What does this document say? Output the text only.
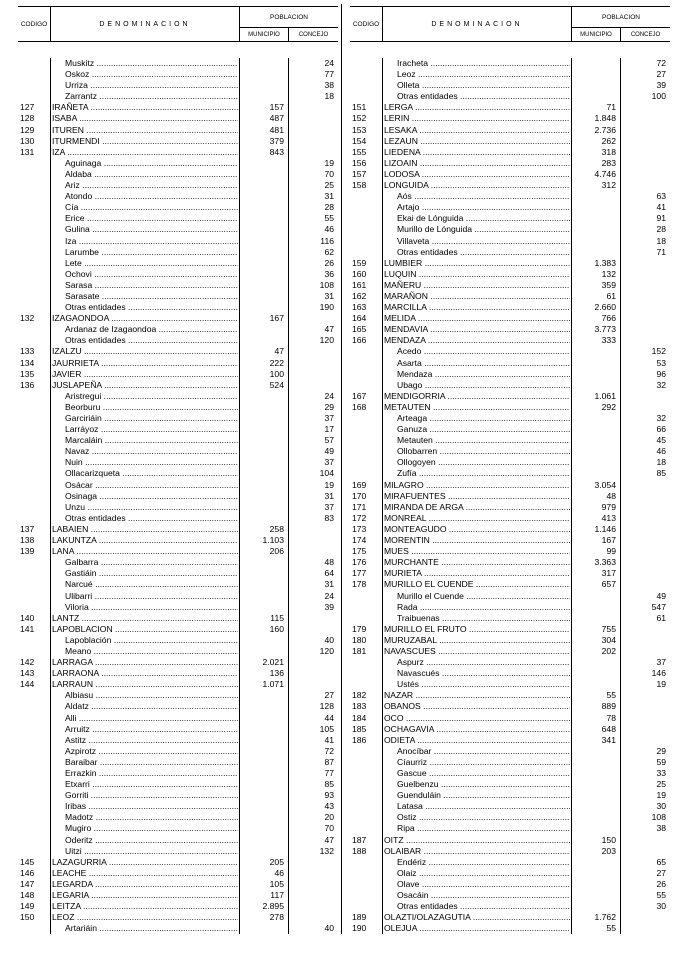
CODIGO	DENOMINACION
POBLACION
MUNICIPIO	CONCEJO
Muskitz .....	24
Oskoz .....	77
Urriza .....	38
Zarrantz .....	18
127	IRAÑETA .....	157
128	ISABA .....	487
129	ITUREN .....	481
130	ITURMENDI .....	379
131	IZA .....	843
Aguinaga .....	19
Aldaba .....	70
Ariz .....	25
Atondo .....	31
Cía .....	28
Erice .....	55
Gulina .....	46
Iza .....	116
Larumbe .....	62
Lete .....	26
Ochovi .....	36
Sarasa .....	108
Sarasate .....	31
Otras entidades .....	190
132	IZAGAONDOA .....	167
Ardanaz de Izagaondoa .....	47
Otras entidades .....	120
133	IZALZU .....	47
134	JAURRIETA .....	222
135	JAVIER .....	100
136	JUSLAPEÑA .....	524
Aristregui .....	24
Beorburu .....	29
Garciriáin .....	37
Larráyoz .....	17
Marcaláin .....	57
Navaz .....	49
Nuin .....	37
Ollacarizqueta .....	104
Osácar .....	19
Osinaga .....	31
Unzu .....	37
Otras entidades .....	83
137	LABAIEN .....	258
138	LAKUNTZA .....	1.103
139	LANA .....	206
Galbarra .....	48
Gastiáin .....	64
Narcué .....	31
Ulibarri .....	24
Viloria .....	39
140	LANTZ .....	115
141	LAPOBLACION .....	160
Lapoblación .....	40
Meano .....	120
142	LARRAGA .....	2.021
143	LARRAONA .....	136
144	LARRAUN .....	1.071
Albiasu .....	27
Aldatz .....	128
Alli .....	44
Arruitz .....	105
Astitz .....	41
Azpirotz .....	72
Baraibar .....	87
Errazkin .....	77
Etxarri .....	85
Gorriti .....	93
Iribas .....	43
Madotz .....	20
Mugiro .....	70
Oderitz .....	47
Uitzi .....	132
145	LAZAGURRIA .....	205
146	LEACHE .....	46
147	LEGARDA .....	105
148	LEGARIA .....	117
149	LEITZA .....	2.895
150	LEOZ .....	278
Artariáin .....	40
CODIGO	DENOMINACION
POBLACION
MUNICIPIO	CONCEJO
Iracheta .....	72
Leoz .....	27
Olleta .....	39
Otras entidades .....	100
151	LERGA .....	71
152	LERIN .....	1.848
153	LESAKA .....	2.736
154	LEZAUN .....	262
155	LIEDENA .....	318
156	LIZOAIN .....	283
157	LODOSA .....	4.746
158	LONGUIDA .....	312
Aós .....	63
Artajo .....	41
Ekai de Lónguida .....	91
Murillo de Lónguida .....	28
Villaveta .....	18
Otras entidades .....	71
159	LUMBIER .....	1.383
160	LUQUIN .....	132
161	MAÑERU .....	359
162	MARAÑON .....	61
163	MARCILLA .....	2.660
164	MELIDA .....	766
165	MENDAVIA .....	3.773
166	MENDAZA .....	333
Acedo .....	152
Asarta .....	53
Mendaza .....	96
Ubago .....	32
167	MENDIGORRIA .....	1.061
168	METAUTEN .....	292
Arteaga .....	32
Ganuza .....	66
Metauten .....	45
Ollobarren .....	46
Ollogoyen .....	18
Zufía .....	85
169	MILAGRO .....	3.054
170	MIRAFUENTES .....	48
171	MIRANDA DE ARGA .....	979
172	MONREAL .....	413
173	MONTEAGUDO .....	1.146
174	MORENTIN .....	167
175	MUES .....	99
176	MURCHANTE .....	3.363
177	MURIETA .....	317
178	MURILLO EL CUENDE .....	657
Murillo el Cuende .....	49
Rada .....	547
Traibuenas .....	61
179	MURILLO EL FRUTO .....	755
180	MURUZABAL .....	304
181	NAVASCUES .....	202
Aspurz .....	37
Navascués .....	146
Ustés .....	19
182	NAZAR .....	55
183	OBANOS .....	889
184	OCO .....	78
185	OCHAGAVIA .....	648
186	ODIETA .....	341
Anocíbar .....	29
Cíaurriz .....	59
Gascue .....	33
Guelbenzu .....	25
Guenduláin .....	19
Latasa .....	30
Ostiz .....	108
Ripa .....	38
187	OITZ .....	150
188	OLAIBAR .....	203
Endériz .....	65
Olaiz .....	27
Olave .....	26
Osacáin .....	55
Otras entidades .....	30
189	OLAZTI/OLAZAGUTIA .....	1.762
190	OLEJUA .....	55
